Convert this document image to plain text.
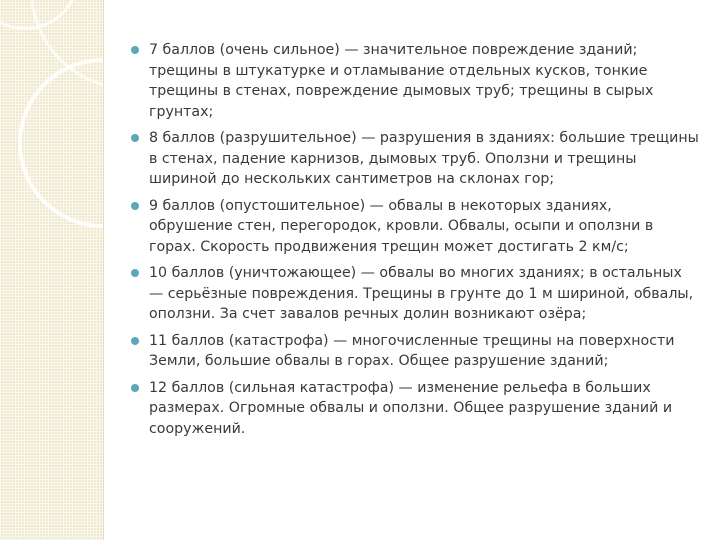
7 баллов (очень сильное) — значительное повреждение зданий; трещины в штукатурке и отламывание отдельных кусков, тонкие трещины в стенах, повреждение дымовых труб; трещины в сырых грунтах;
8 баллов (разрушительное) — разрушения в зданиях: большие трещины в стенах, падение карнизов, дымовых труб. Оползни и трещины шириной до нескольких сантиметров на склонах гор;
9 баллов (опустошительное) — обвалы в некоторых зданиях, обрушение стен, перегородок, кровли. Обвалы, осыпи и оползни в горах. Скорость продвижения трещин может достигать 2 км/с;
10 баллов (уничтожающее) — обвалы во многих зданиях; в остальных — серьёзные повреждения. Трещины в грунте до 1 м шириной, обвалы, оползни. За счет завалов речных долин возникают озёра;
11 баллов (катастрофа) — многочисленные трещины на поверхности Земли, большие обвалы в горах. Общее разрушение зданий;
12 баллов (сильная катастрофа) — изменение рельефа в больших размерах. Огромные обвалы и оползни. Общее разрушение зданий и сооружений.
